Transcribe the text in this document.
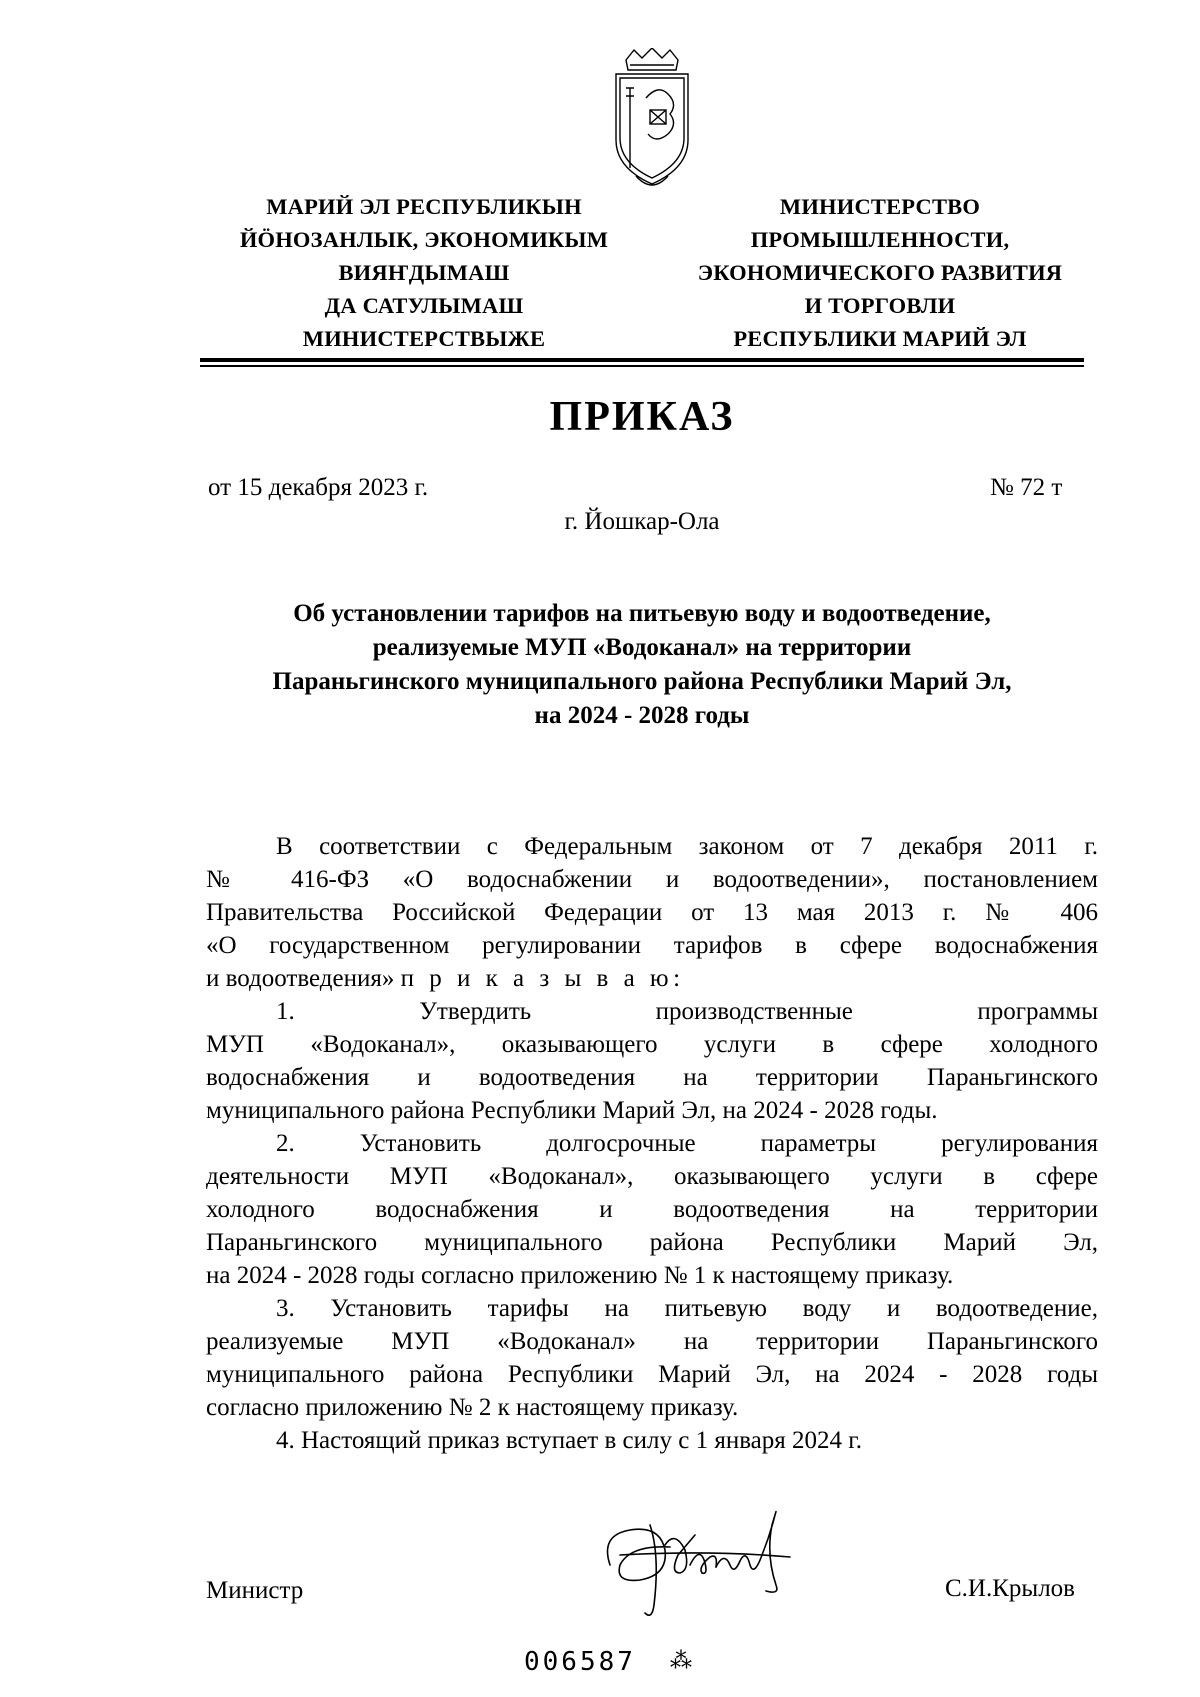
МАРИЙ ЭЛ РЕСПУБЛИКЫН
ЙÖНОЗАНЛЫК, ЭКОНОМИКЫМ
ВИЯҤДЫМАШ
ДА САТУЛЫМАШ
МИНИСТЕРСТВЫЖЕ
МИНИСТЕРСТВО
ПРОМЫШЛЕННОСТИ,
ЭКОНОМИЧЕСКОГО РАЗВИТИЯ
И ТОРГОВЛИ
РЕСПУБЛИКИ МАРИЙ ЭЛ
ПРИКАЗ
от 15 декабря 2023 г.	№ 72 т
г. Йошкар-Ола
Об установлении тарифов на питьевую воду и водоотведение,
реализуемые МУП «Водоканал» на территории
Параньгинского муниципального района Республики Марий Эл,
на 2024 - 2028 годы
В соответствии с Федеральным законом от 7 декабря 2011 г.
№ 416-ФЗ «О водоснабжении и водоотведении», постановлением
Правительства Российской Федерации от 13 мая 2013 г. № 406
«О государственном регулировании тарифов в сфере водоснабжения
и водоотведения» п р и к а з ы в а ю:
1. Утвердить производственные программы
МУП «Водоканал», оказывающего услуги в сфере холодного
водоснабжения и водоотведения на территории Параньгинского
муниципального района Республики Марий Эл, на 2024 - 2028 годы.
2. Установить долгосрочные параметры регулирования
деятельности МУП «Водоканал», оказывающего услуги в сфере
холодного водоснабжения и водоотведения на территории
Параньгинского муниципального района Республики Марий Эл,
на 2024 - 2028 годы согласно приложению № 1 к настоящему приказу.
3. Установить тарифы на питьевую воду и водоотведение,
реализуемые МУП «Водоканал» на территории Параньгинского
муниципального района Республики Марий Эл, на 2024 - 2028 годы
согласно приложению № 2 к настоящему приказу.
4. Настоящий приказ вступает в силу с 1 января 2024 г.
Министр	С.И.Крылов
006587 ⁂
